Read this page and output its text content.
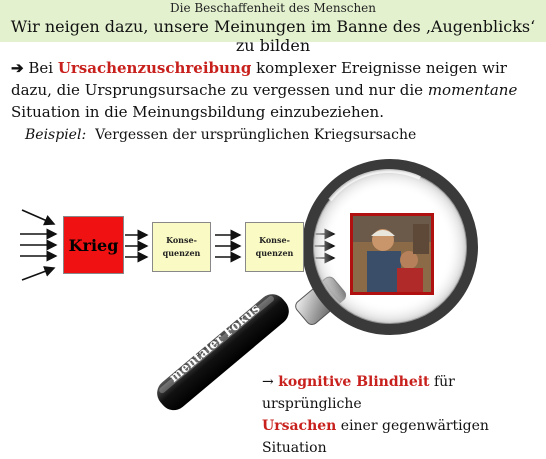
Die Beschaffenheit des Menschen
Wir neigen dazu, unsere Meinungen im Banne des ‚Augenblicks‘ zu bilden
➔ Bei Ursachenzuschreibung komplexer Ereignisse neigen wir dazu, die Ursprungsursache zu vergessen und nur die momentane Situation in die Meinungsbildung einzubeziehen.
Beispiel: Vergessen der ursprünglichen Kriegsursache
Krieg	Konse-
quenzen
Konse-
quenzen
mentaler Fokus
→ kognitive Blindheit für ursprüngliche
Ursachen einer gegenwärtigen Situation
